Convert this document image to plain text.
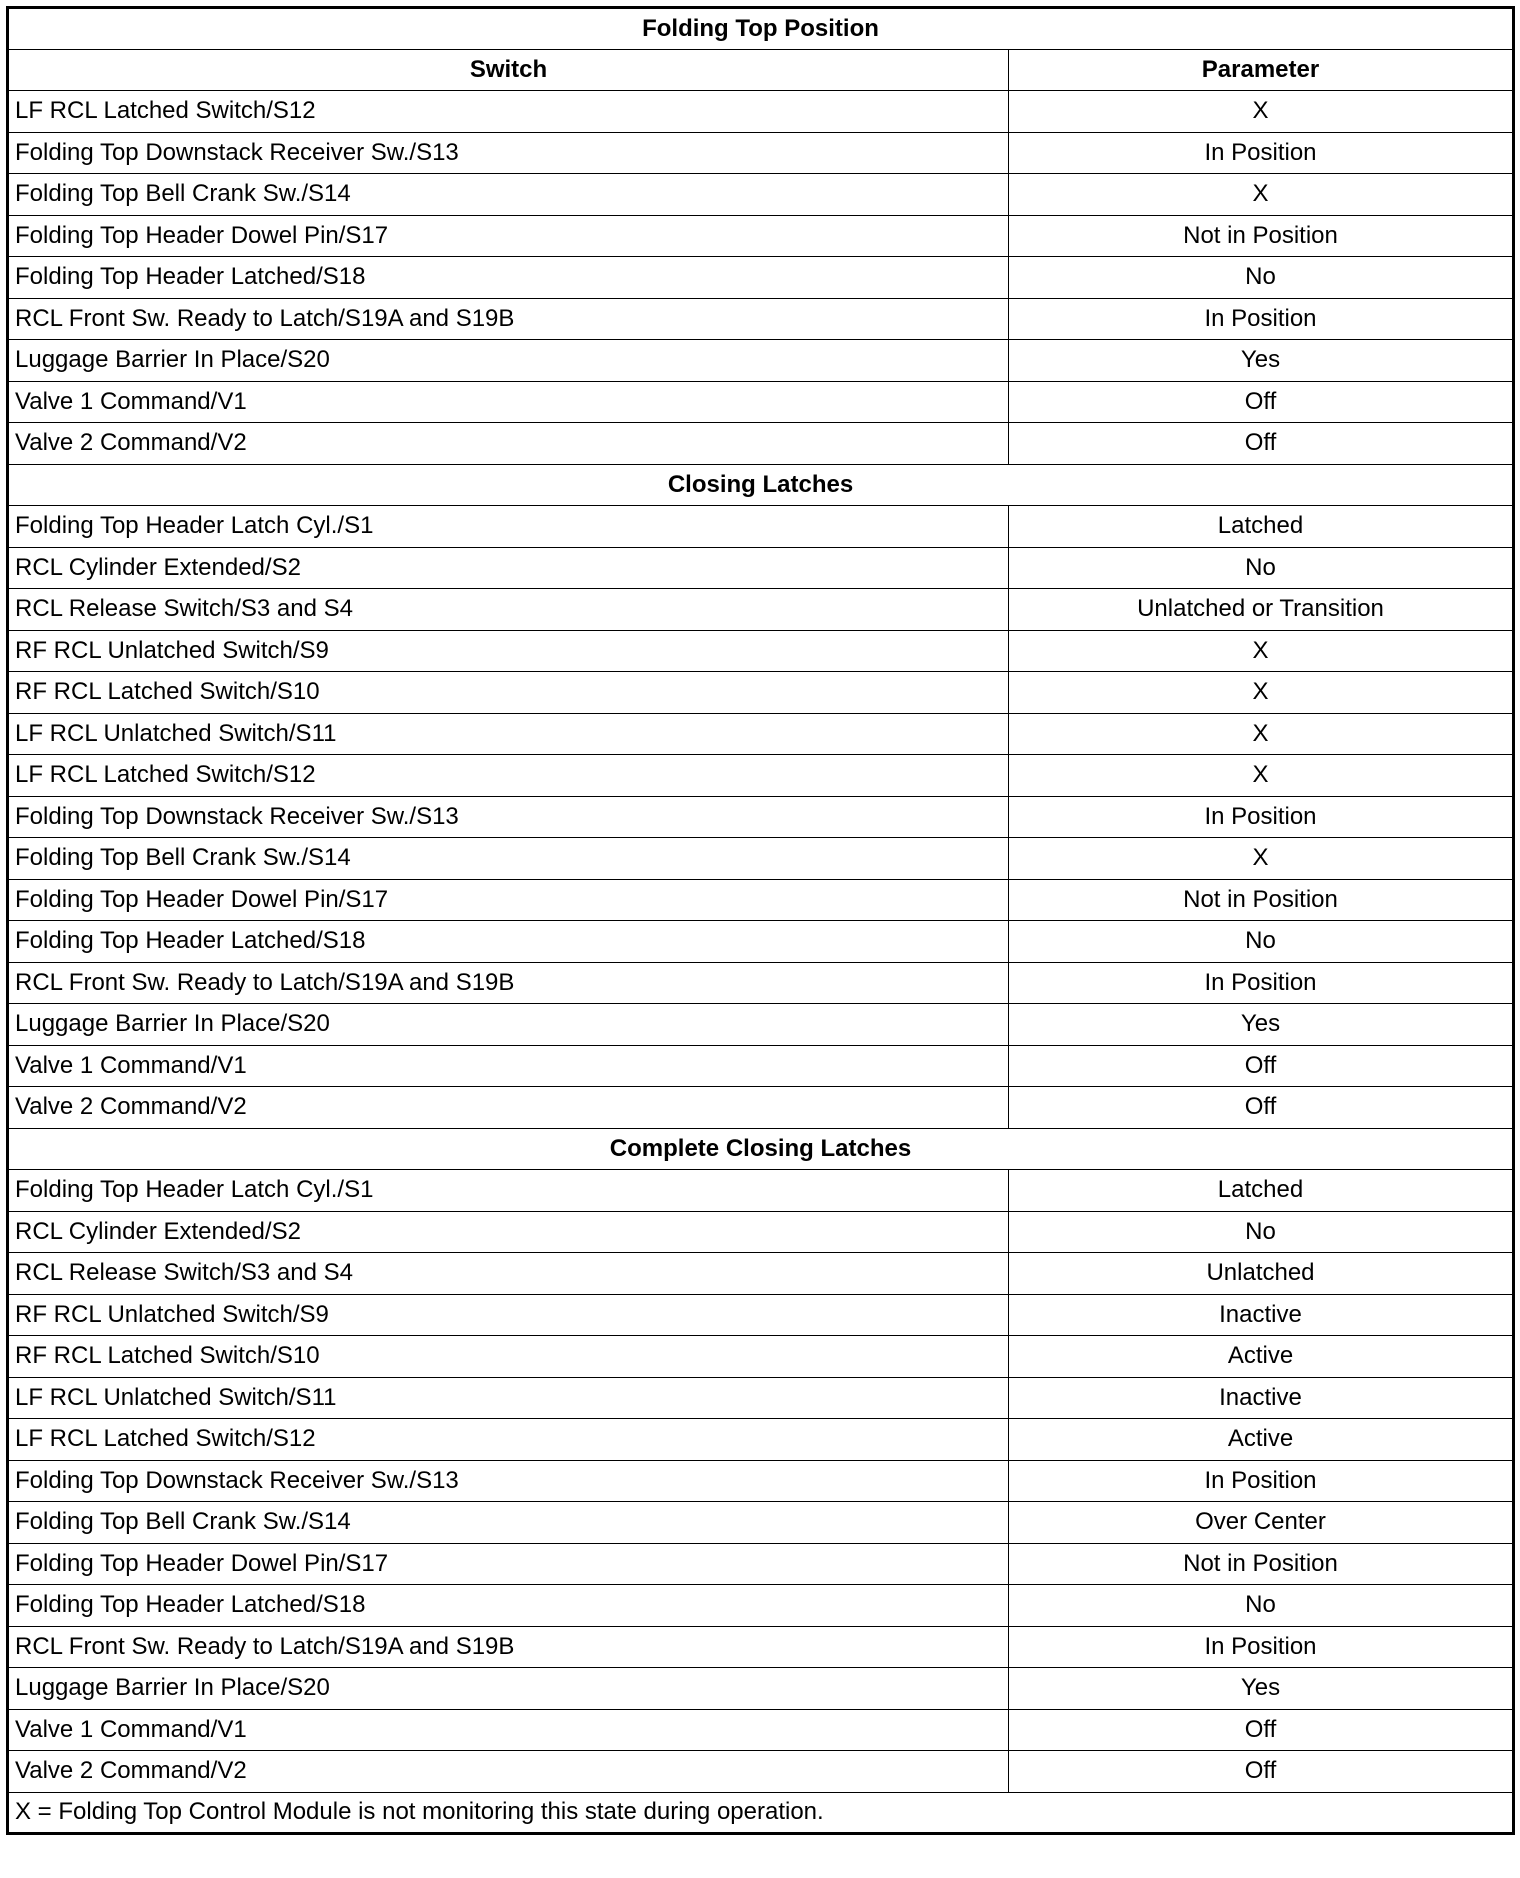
Folding Top Position	
Switch	Parameter
LF RCL Latched Switch/S12	X
Folding Top Downstack Receiver Sw./S13	In Position
Folding Top Bell Crank Sw./S14	X
Folding Top Header Dowel Pin/S17	Not in Position
Folding Top Header Latched/S18	No
RCL Front Sw. Ready to Latch/S19A and S19B	In Position
Luggage Barrier In Place/S20	Yes
Valve 1 Command/V1	Off
Valve 2 Command/V2	Off
Closing Latches	
Folding Top Header Latch Cyl./S1	Latched
RCL Cylinder Extended/S2	No
RCL Release Switch/S3 and S4	Unlatched or Transition
RF RCL Unlatched Switch/S9	X
RF RCL Latched Switch/S10	X
LF RCL Unlatched Switch/S11	X
LF RCL Latched Switch/S12	X
Folding Top Downstack Receiver Sw./S13	In Position
Folding Top Bell Crank Sw./S14	X
Folding Top Header Dowel Pin/S17	Not in Position
Folding Top Header Latched/S18	No
RCL Front Sw. Ready to Latch/S19A and S19B	In Position
Luggage Barrier In Place/S20	Yes
Valve 1 Command/V1	Off
Valve 2 Command/V2	Off
Complete Closing Latches	
Folding Top Header Latch Cyl./S1	Latched
RCL Cylinder Extended/S2	No
RCL Release Switch/S3 and S4	Unlatched
RF RCL Unlatched Switch/S9	Inactive
RF RCL Latched Switch/S10	Active
LF RCL Unlatched Switch/S11	Inactive
LF RCL Latched Switch/S12	Active
Folding Top Downstack Receiver Sw./S13	In Position
Folding Top Bell Crank Sw./S14	Over Center
Folding Top Header Dowel Pin/S17	Not in Position
Folding Top Header Latched/S18	No
RCL Front Sw. Ready to Latch/S19A and S19B	In Position
Luggage Barrier In Place/S20	Yes
Valve 1 Command/V1	Off
Valve 2 Command/V2	Off
X = Folding Top Control Module is not monitoring this state during operation.	
